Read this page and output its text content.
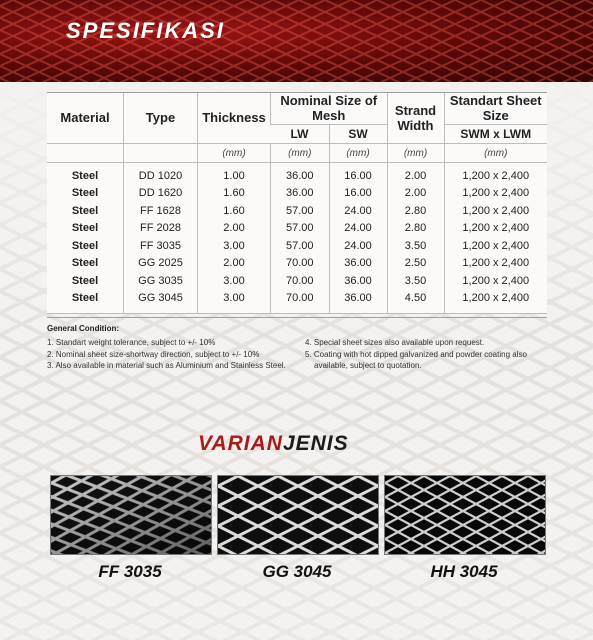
SPESIFIKASI
Material	Type	Thickness	Nominal Size of Mesh		Strand Width	Standart Sheet Size
			LW	SW		SWM x LWM
		(mm)	(mm)	(mm)	(mm)	(mm)
Steel	DD 1020	1.00	36.00	16.00	2.00	1,200 x 2,400
Steel	DD 1620	1.60	36.00	16.00	2.00	1,200 x 2,400
Steel	FF 1628	1.60	57.00	24.00	2.80	1,200 x 2,400
Steel	FF 2028	2.00	57.00	24.00	2.80	1,200 x 2,400
Steel	FF 3035	3.00	57.00	24.00	3.50	1,200 x 2,400
Steel	GG 2025	2.00	70.00	36.00	2.50	1,200 x 2,400
Steel	GG 3035	3.00	70.00	36.00	3.50	1,200 x 2,400
Steel	GG 3045	3.00	70.00	36.00	4.50	1,200 x 2,400
General Condition:

1. Standart weight tolerance, subject to +/- 10%

2. Nominal sheet size-shortway direction, subject to +/- 10%

3. Also available in material such as Aluminium and Stainless Steel.

4. Special sheet sizes also available upon request.

5. Coating with hot dipped galvanized and powder coating also available, subject to quotation.

VARIANJENIS
FF 3035	GG 3045	HH 3045
